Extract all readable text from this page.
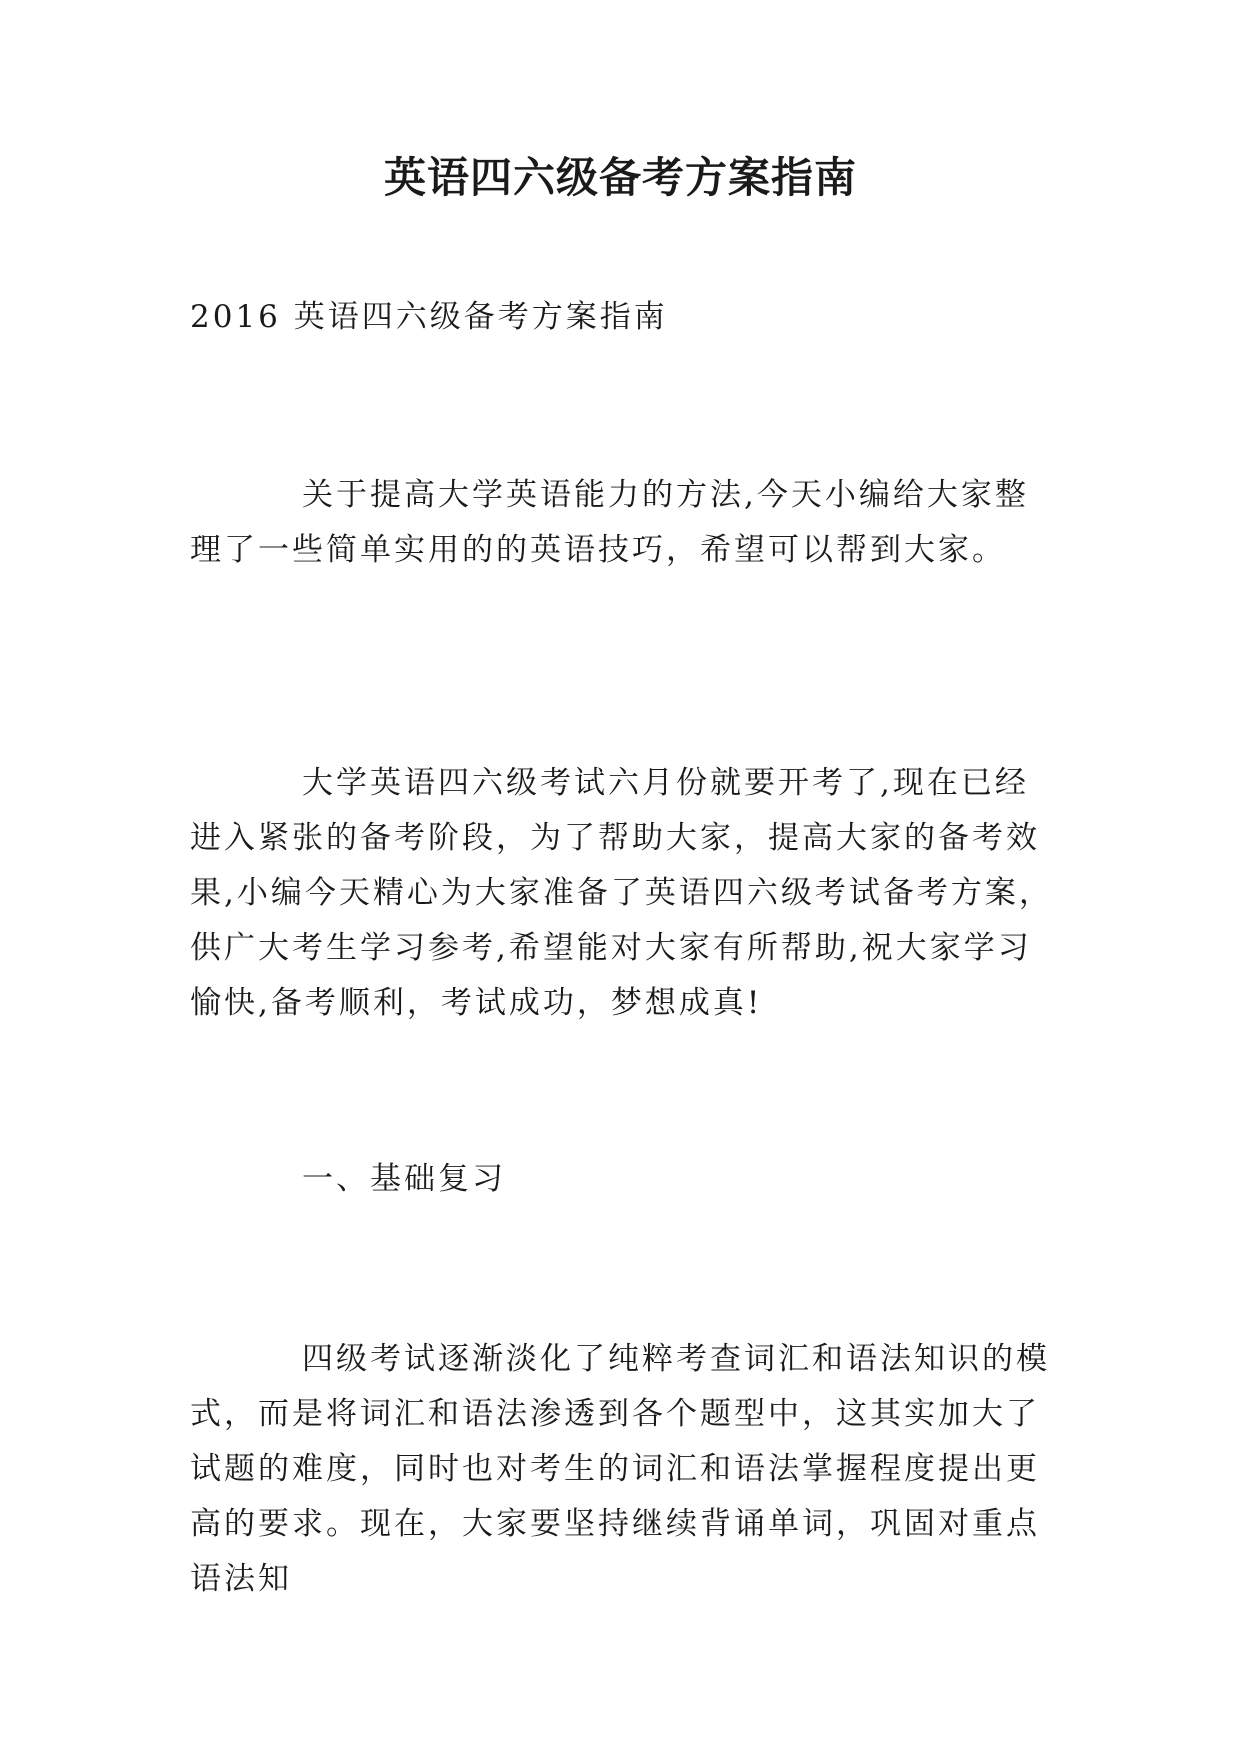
英语四六级备考方案指南

2016 英语四六级备考方案指南

关于提高大学英语能力的方法,今天小编给大家整理了一些简单实用的的英语技巧，希望可以帮到大家。

大学英语四六级考试六月份就要开考了,现在已经进入紧张的备考阶段，为了帮助大家，提高大家的备考效果,小编今天精心为大家准备了英语四六级考试备考方案，供广大考生学习参考,希望能对大家有所帮助,祝大家学习愉快,备考顺利，考试成功，梦想成真!

一、基础复习

四级考试逐渐淡化了纯粹考查词汇和语法知识的模式，而是将词汇和语法渗透到各个题型中，这其实加大了试题的难度，同时也对考生的词汇和语法掌握程度提出更高的要求。现在，大家要坚持继续背诵单词，巩固对重点语法知
